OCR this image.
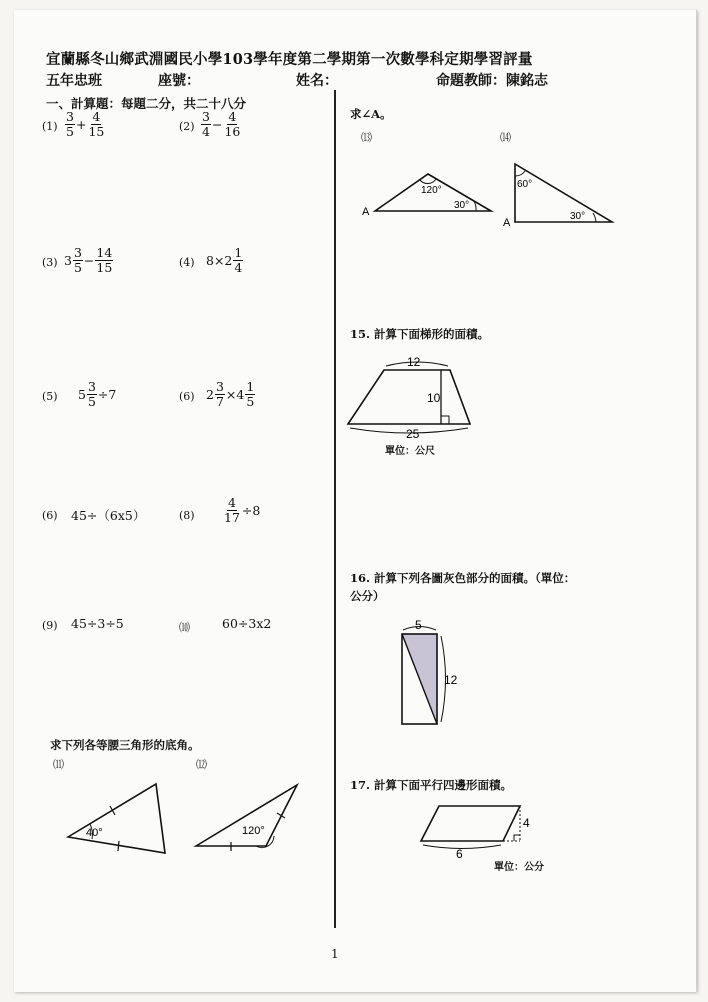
宜蘭縣冬山鄉武淵國民小學103學年度第二學期第一次數學科定期學習評量
五年忠班	座號：	姓名：	命題教師：陳銘志
一、計算題：每題二分，共二十八分
$(1) \frac{3}{5} + \frac{4}{15}$	$(2) \frac{3}{4} - \frac{4}{16}$
(3) $3 \frac{3}{5} - \frac{14}{15}$	(4) $8\times 2 \frac{1}{4}$
(5) $5 \frac{3}{5} \div 7$	(6) $2 \frac{3}{7} \times 4 \frac{1}{5}$
(6) 45÷（6x5）	$(8) \frac{4}{17} \div 8$
(9) 45÷3÷5	⑽	60÷3x2
求下列各等腰三角形的底角。
⑾	⑿
40°	120°
求∠A。
⒀	⒁
120°
30°
A
60°
30°
A
15. 計算下面梯形的面積。
12
10
25
單位：公尺
16. 計算下列各圖灰色部分的面積。（單位：
公分）
5
12
17. 計算下面平行四邊形面積。
6
4
單位：公分
1
